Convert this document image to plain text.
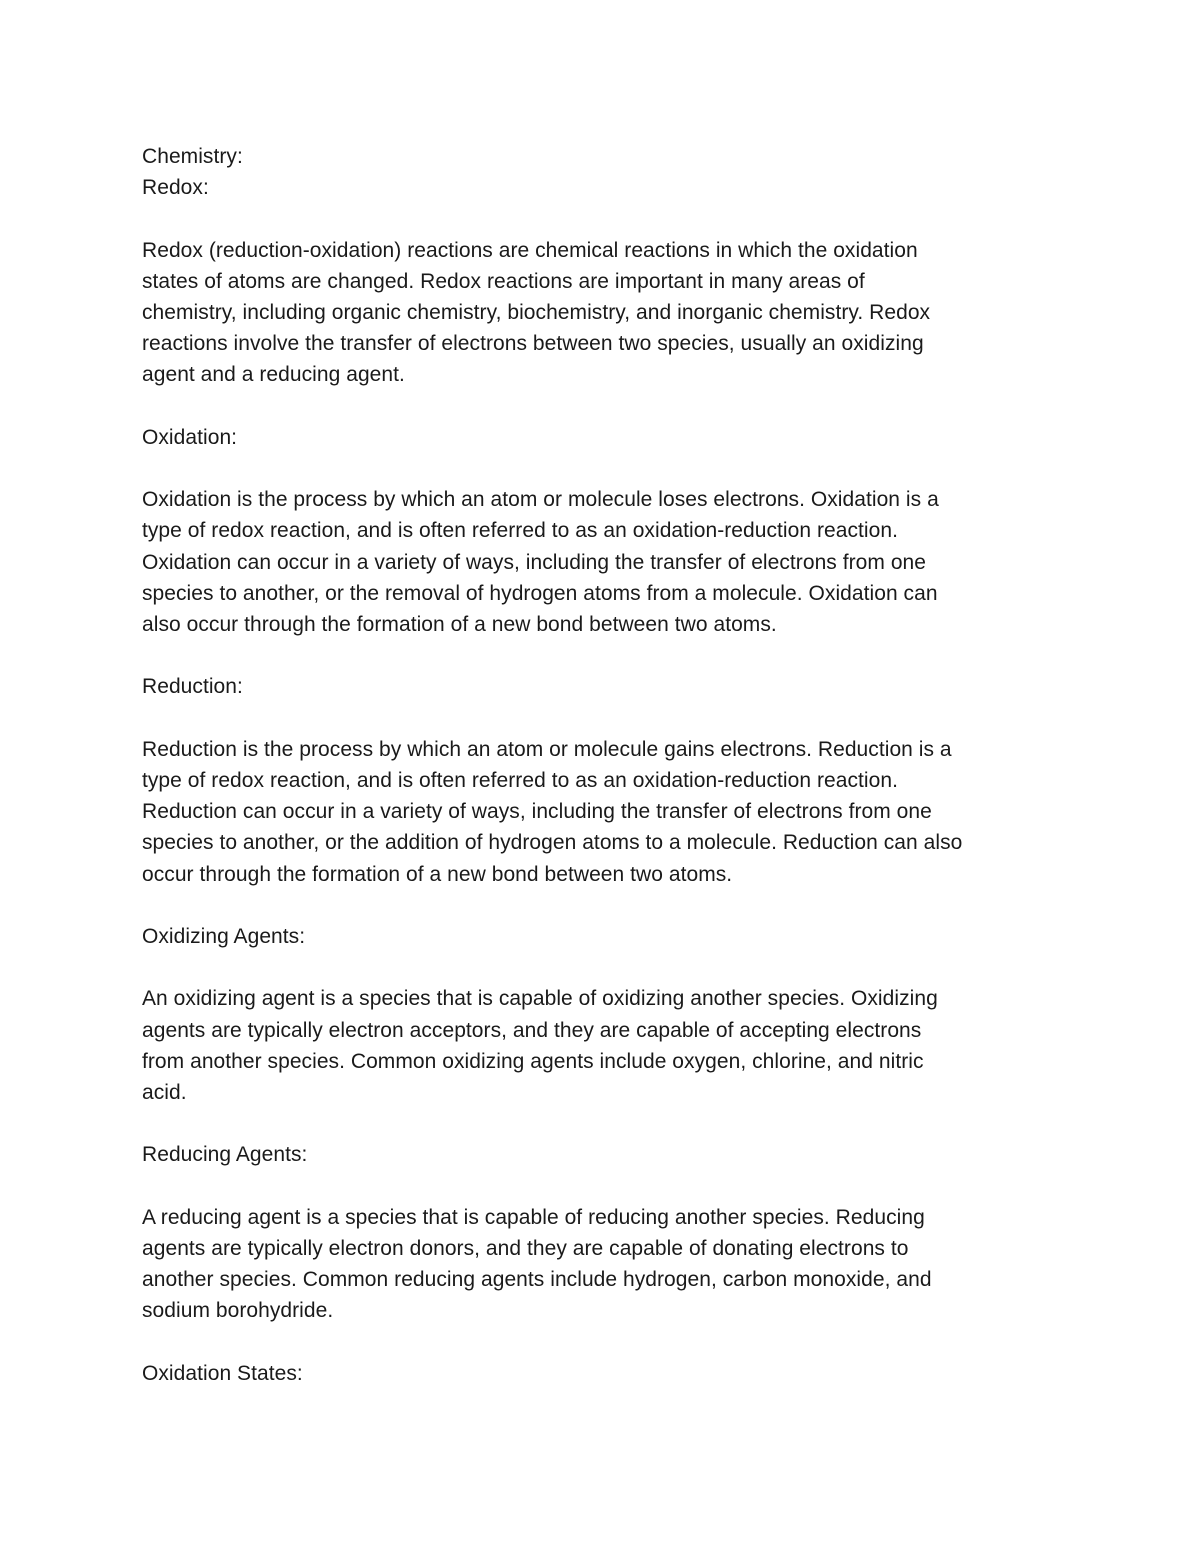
Chemistry:
Redox:
Redox (reduction-oxidation) reactions are chemical reactions in which the oxidation
states of atoms are changed. Redox reactions are important in many areas of
chemistry, including organic chemistry, biochemistry, and inorganic chemistry. Redox
reactions involve the transfer of electrons between two species, usually an oxidizing
agent and a reducing agent.
Oxidation:
Oxidation is the process by which an atom or molecule loses electrons. Oxidation is a
type of redox reaction, and is often referred to as an oxidation-reduction reaction.
Oxidation can occur in a variety of ways, including the transfer of electrons from one
species to another, or the removal of hydrogen atoms from a molecule. Oxidation can
also occur through the formation of a new bond between two atoms.
Reduction:
Reduction is the process by which an atom or molecule gains electrons. Reduction is a
type of redox reaction, and is often referred to as an oxidation-reduction reaction.
Reduction can occur in a variety of ways, including the transfer of electrons from one
species to another, or the addition of hydrogen atoms to a molecule. Reduction can also
occur through the formation of a new bond between two atoms.
Oxidizing Agents:
An oxidizing agent is a species that is capable of oxidizing another species. Oxidizing
agents are typically electron acceptors, and they are capable of accepting electrons
from another species. Common oxidizing agents include oxygen, chlorine, and nitric
acid.
Reducing Agents:
A reducing agent is a species that is capable of reducing another species. Reducing
agents are typically electron donors, and they are capable of donating electrons to
another species. Common reducing agents include hydrogen, carbon monoxide, and
sodium borohydride.
Oxidation States:
